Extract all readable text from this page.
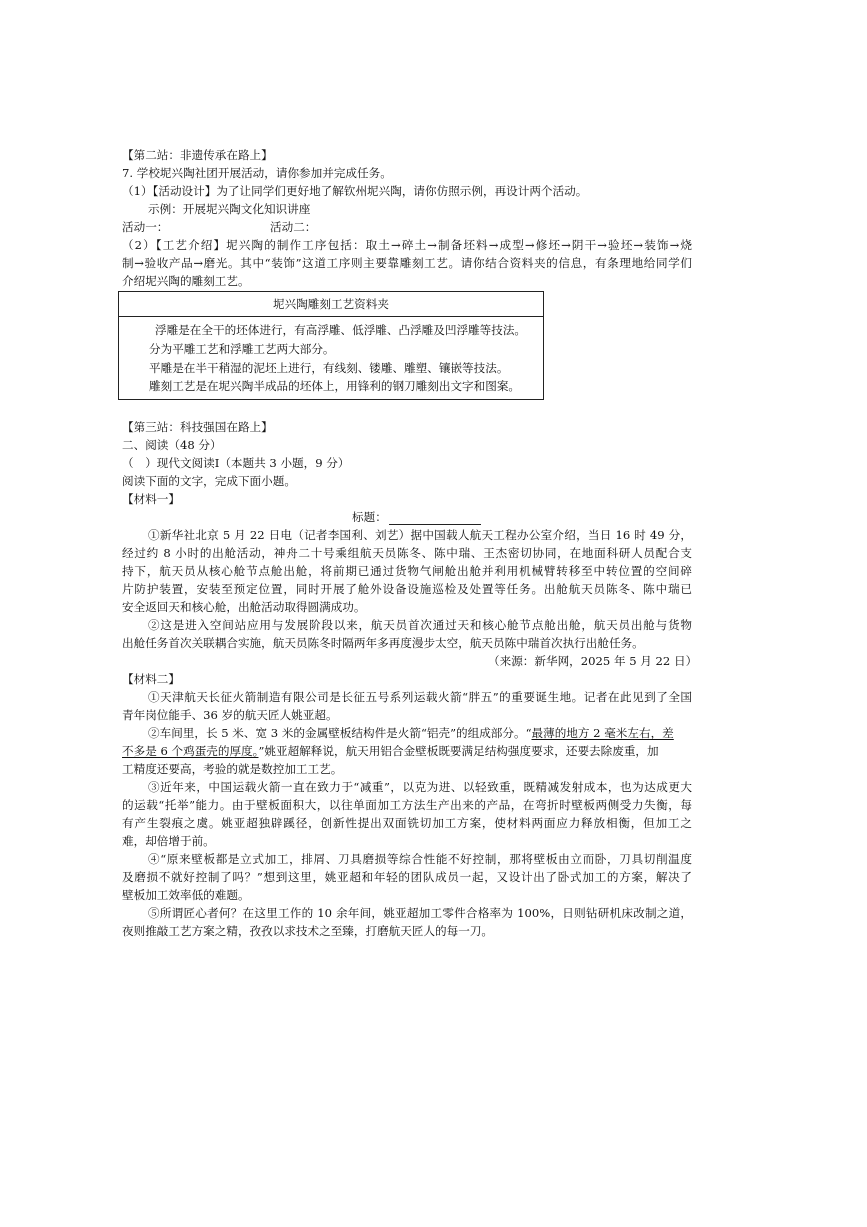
【第二站：非遗传承在路上】
7. 学校坭兴陶社团开展活动，请你参加并完成任务。
（1）【活动设计】为了让同学们更好地了解钦州坭兴陶，请你仿照示例，再设计两个活动。
示例：开展坭兴陶文化知识讲座
活动一：	活动二：
（2）【工艺介绍】坭兴陶的制作工序包括：取土→碎土→制备坯料→成型→修坯→阴干→验坯→装饰→烧
制→验收产品→磨光。其中“装饰”这道工序则主要靠雕刻工艺。请你结合资料夹的信息，有条理地给同学们
介绍坭兴陶的雕刻工艺。
坭兴陶雕刻工艺资料夹
浮雕是在全干的坯体进行，有高浮雕、低浮雕、凸浮雕及凹浮雕等技法。
分为平雕工艺和浮雕工艺两大部分。
平雕是在半干稍湿的泥坯上进行，有线刻、镂雕、雕塑、镶嵌等技法。
雕刻工艺是在坭兴陶半成品的坯体上，用锋利的钢刀雕刻出文字和图案。
【第三站：科技强国在路上】
二、阅读（48 分）
（　）现代文阅读Ⅰ（本题共 3 小题，9 分）
阅读下面的文字，完成下面小题。
【材料一】
标题：
①新华社北京 5 月 22 日电（记者李国利、刘艺）据中国载人航天工程办公室介绍，当日 16 时 49 分，
经过约 8 小时的出舱活动，神舟二十号乘组航天员陈冬、陈中瑞、王杰密切协同，在地面科研人员配合支
持下，航天员从核心舱节点舱出舱，将前期已通过货物气闸舱出舱并利用机械臂转移至中转位置的空间碎
片防护装置，安装至预定位置，同时开展了舱外设备设施巡检及处置等任务。出舱航天员陈冬、陈中瑞已
安全返回天和核心舱，出舱活动取得圆满成功。
②这是进入空间站应用与发展阶段以来，航天员首次通过天和核心舱节点舱出舱，航天员出舱与货物
出舱任务首次关联耦合实施，航天员陈冬时隔两年多再度漫步太空，航天员陈中瑞首次执行出舱任务。
（来源：新华网，2025 年 5 月 22 日）
【材料二】
①天津航天长征火箭制造有限公司是长征五号系列运载火箭“胖五”的重要诞生地。记者在此见到了全国
青年岗位能手、36 岁的航天匠人姚亚超。
②车间里，长 5 米、宽 3 米的金属壁板结构件是火箭“铝壳”的组成部分。“最薄的地方 2 毫米左右，差
不多是 6 个鸡蛋壳的厚度。”姚亚超解释说，航天用铝合金壁板既要满足结构强度要求，还要去除废重，加
工精度还要高，考验的就是数控加工工艺。
③近年来，中国运载火箭一直在致力于“减重”，以克为进、以轻致重，既精减发射成本，也为达成更大
的运载“托举”能力。由于壁板面积大，以往单面加工方法生产出来的产品，在弯折时壁板两侧受力失衡，每
有产生裂痕之虞。姚亚超独辟蹊径，创新性提出双面铣切加工方案，使材料两面应力释放相衡，但加工之
难，却倍增于前。
④“原来壁板都是立式加工，排屑、刀具磨损等综合性能不好控制，那将壁板由立而卧，刀具切削温度
及磨损不就好控制了吗？”想到这里，姚亚超和年轻的团队成员一起，又设计出了卧式加工的方案，解决了
壁板加工效率低的难题。
⑤所谓匠心者何？在这里工作的 10 余年间，姚亚超加工零件合格率为 100%，日则钻研机床改制之道，
夜则推敲工艺方案之精，孜孜以求技术之至臻，打磨航天匠人的每一刀。
